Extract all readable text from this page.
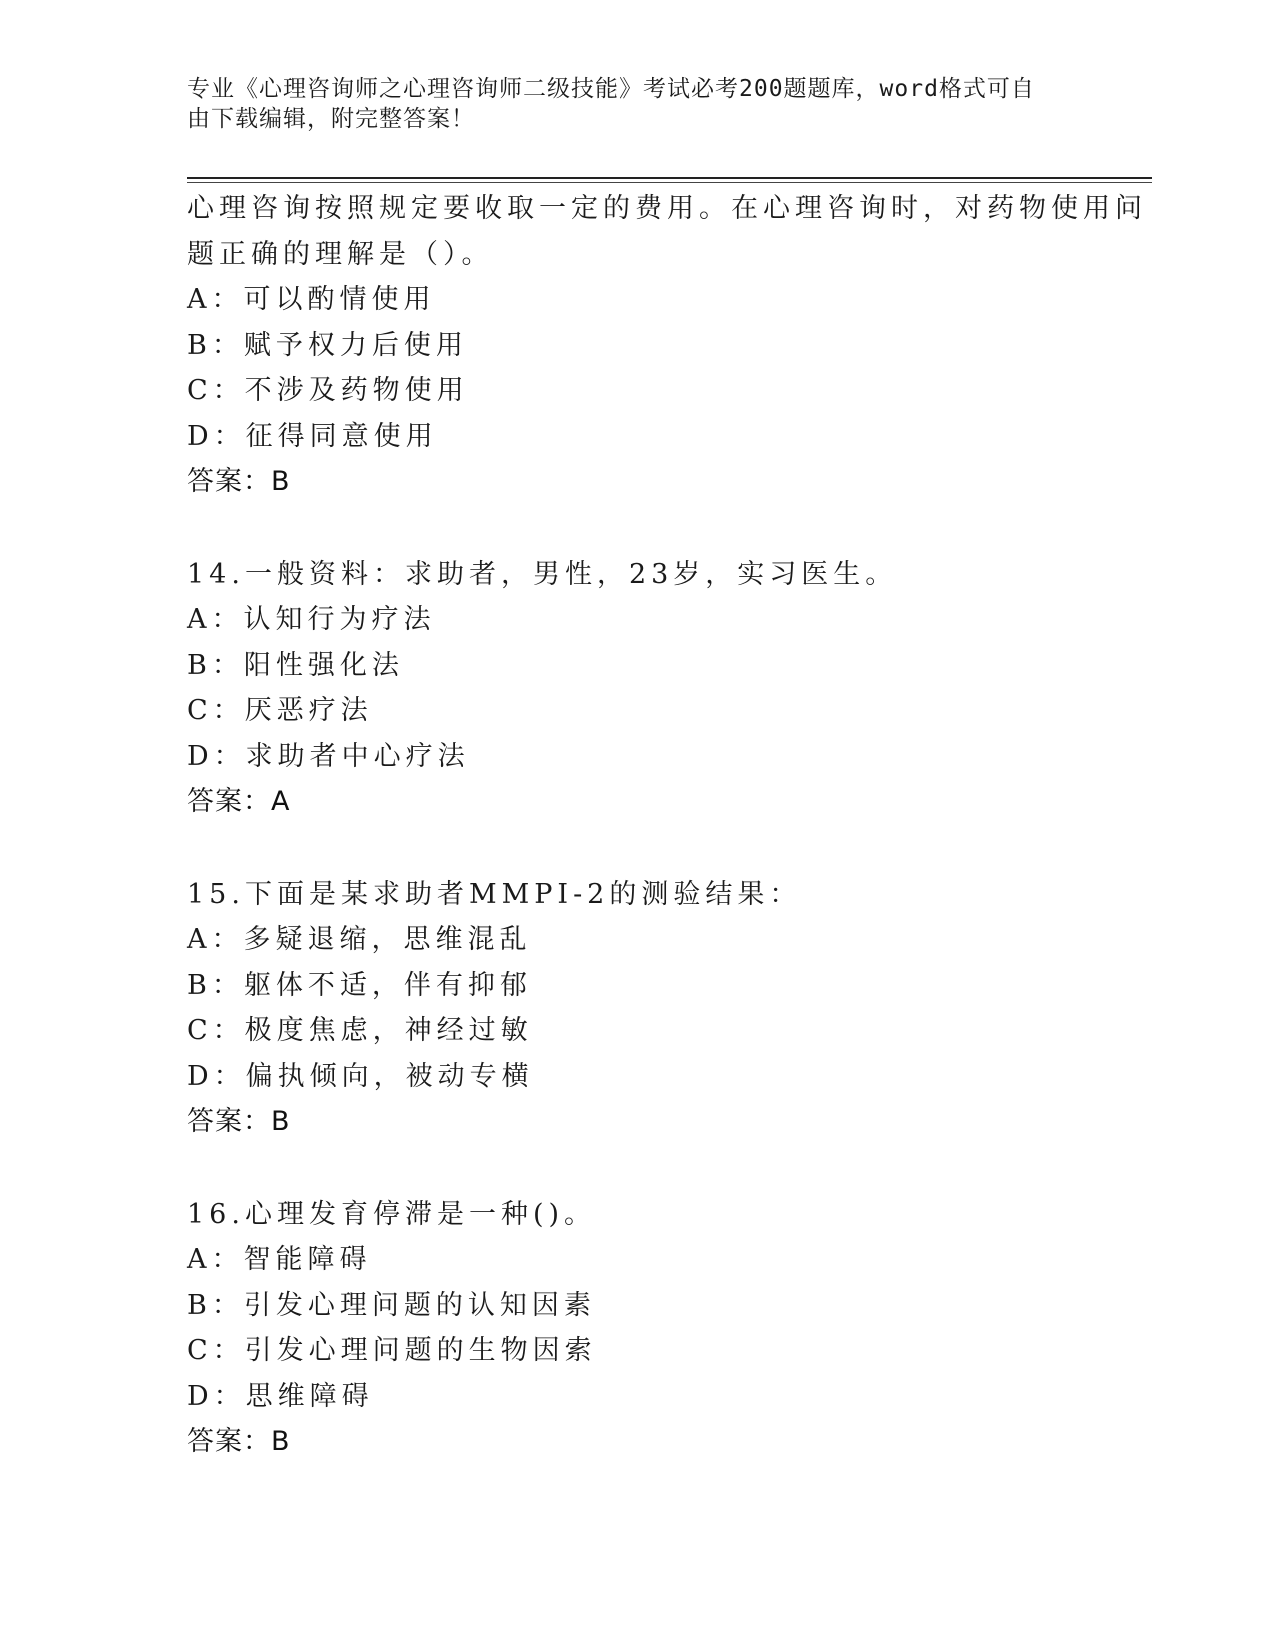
专业《心理咨询师之心理咨询师二级技能》考试必考200题题库，word格式可自
由下载编辑，附完整答案！
心理咨询按照规定要收取一定的费用。在心理咨询时，对药物使用问
题正确的理解是（）。
A：可以酌情使用
B：赋予权力后使用
C：不涉及药物使用
D：征得同意使用
答案：B
14.一般资料：求助者，男性，23岁，实习医生。
A：认知行为疗法
B：阳性强化法
C：厌恶疗法
D：求助者中心疗法
答案：A
15.下面是某求助者MMPI-2的测验结果：
A：多疑退缩，思维混乱
B：躯体不适，伴有抑郁
C：极度焦虑，神经过敏
D：偏执倾向，被动专横
答案：B
16.心理发育停滞是一种()。
A：智能障碍
B：引发心理问题的认知因素
C：引发心理问题的生物因索
D：思维障碍
答案：B
